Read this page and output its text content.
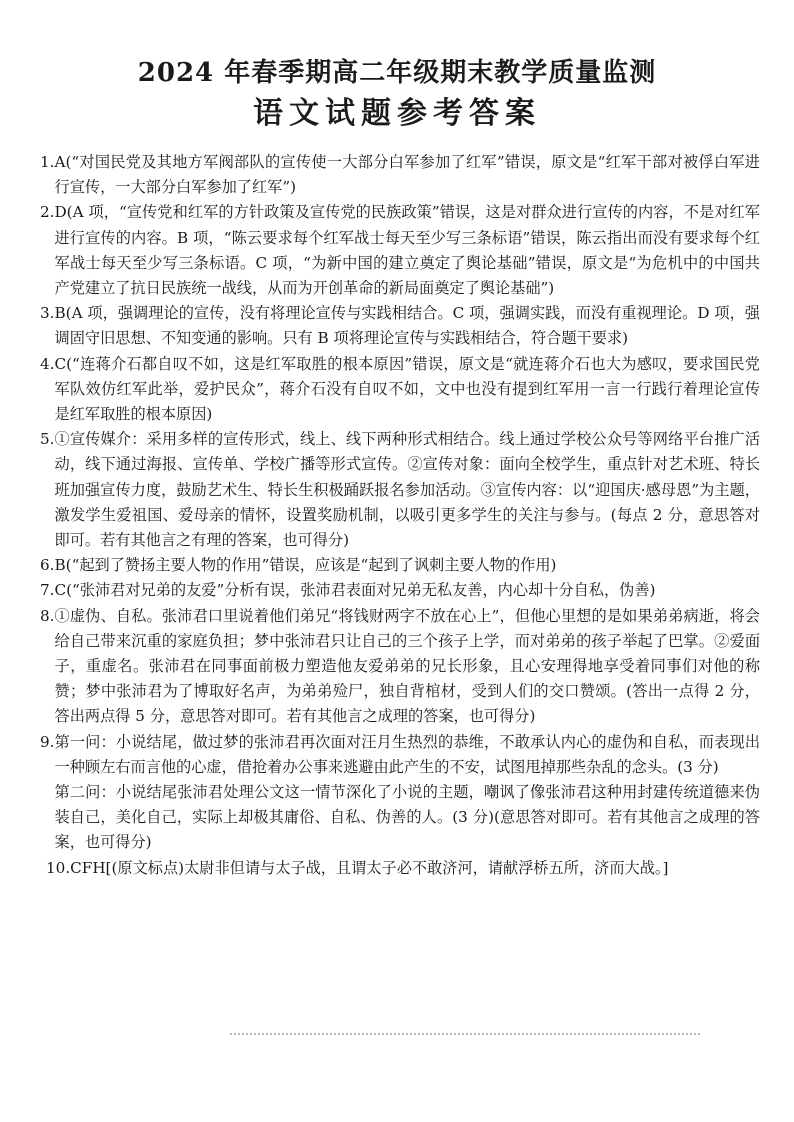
2024 年春季期高二年级期末教学质量监测
语文试题参考答案
1. A(“对国民党及其地方军阀部队的宣传使一大部分白军参加了红军”错误，原文是“红军干部对被俘白军进行宣传，一大部分白军参加了红军”)
2. D(A 项，“宣传党和红军的方针政策及宣传党的民族政策”错误，这是对群众进行宣传的内容，不是对红军进行宣传的内容。B 项，“陈云要求每个红军战士每天至少写三条标语”错误，陈云指出而没有要求每个红军战士每天至少写三条标语。C 项，“为新中国的建立奠定了舆论基础”错误，原文是“为危机中的中国共产党建立了抗日民族统一战线，从而为开创革命的新局面奠定了舆论基础”)
3. B(A 项，强调理论的宣传，没有将理论宣传与实践相结合。C 项，强调实践，而没有重视理论。D 项，强调固守旧思想、不知变通的影响。只有 B 项将理论宣传与实践相结合，符合题干要求)
4. C(“连蒋介石都自叹不如，这是红军取胜的根本原因”错误，原文是“就连蒋介石也大为感叹，要求国民党军队效仿红军此举，爱护民众”，蒋介石没有自叹不如，文中也没有提到红军用一言一行践行着理论宣传是红军取胜的根本原因)
5. ①宣传媒介：采用多样的宣传形式，线上、线下两种形式相结合。线上通过学校公众号等网络平台推广活动，线下通过海报、宣传单、学校广播等形式宣传。②宣传对象：面向全校学生，重点针对艺术班、特长班加强宣传力度，鼓励艺术生、特长生积极踊跃报名参加活动。③宣传内容：以“迎国庆·感母恩”为主题，激发学生爱祖国、爱母亲的情怀，设置奖励机制，以吸引更多学生的关注与参与。(每点 2 分，意思答对即可。若有其他言之有理的答案，也可得分)
6. B(“起到了赞扬主要人物的作用”错误，应该是“起到了讽刺主要人物的作用)
7. C(“张沛君对兄弟的友爱”分析有误，张沛君表面对兄弟无私友善，内心却十分自私，伪善)
8. ①虚伪、自私。张沛君口里说着他们弟兄“将钱财两字不放在心上”，但他心里想的是如果弟弟病逝，将会给自己带来沉重的家庭负担；梦中张沛君只让自己的三个孩子上学，而对弟弟的孩子举起了巴掌。②爱面子，重虚名。张沛君在同事面前极力塑造他友爱弟弟的兄长形象，且心安理得地享受着同事们对他的称赞；梦中张沛君为了博取好名声，为弟弟殓尸，独自背棺材，受到人们的交口赞颂。(答出一点得 2 分，答出两点得 5 分，意思答对即可。若有其他言之成理的答案，也可得分)
9. 第一问：小说结尾，做过梦的张沛君再次面对汪月生热烈的恭维，不敢承认内心的虚伪和自私，而表现出一种顾左右而言他的心虚，借抢着办公事来逃避由此产生的不安，试图甩掉那些杂乱的念头。(3 分)
第二问：小说结尾张沛君处理公文这一情节深化了小说的主题，嘲讽了像张沛君这种用封建传统道德来伪装自己，美化自己，实际上却极其庸俗、自私、伪善的人。(3 分)(意思答对即可。若有其他言之成理的答案，也可得分)
10. CFH[(原文标点)太尉非但请与太子战，且谓太子必不敢济河，请献浮桥五所，济而大战。]
